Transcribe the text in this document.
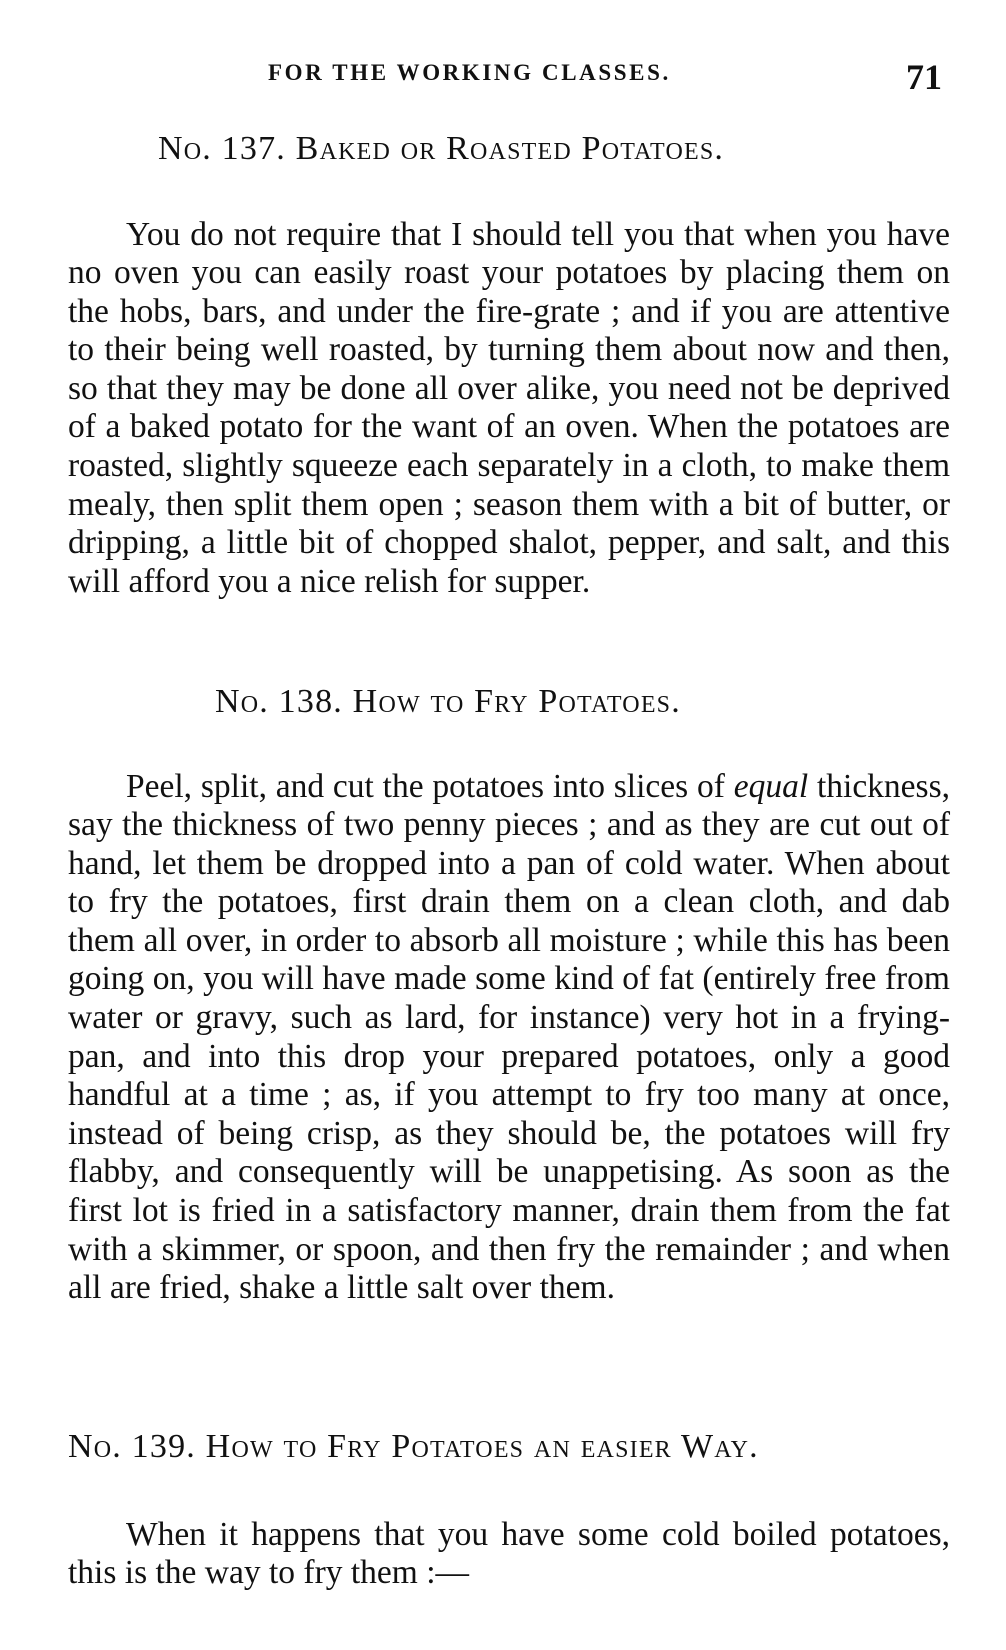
FOR THE WORKING CLASSES.	71
No. 137. Baked or Roasted Potatoes.

You do not require that I should tell you that when you have no oven you can easily roast your potatoes by placing them on the hobs, bars, and under the fire-grate ; and if you are attentive to their being well roasted, by turning them about now and then, so that they may be done all over alike, you need not be deprived of a baked potato for the want of an oven. When the potatoes are roasted, slightly squeeze each separately in a cloth, to make them mealy, then split them open ; season them with a bit of butter, or dripping, a little bit of chopped shalot, pepper, and salt, and this will afford you a nice relish for supper.

No. 138. How to Fry Potatoes.

Peel, split, and cut the potatoes into slices of equal thickness, say the thickness of two penny pieces ; and as they are cut out of hand, let them be dropped into a pan of cold water. When about to fry the potatoes, first drain them on a clean cloth, and dab them all over, in order to absorb all moisture ; while this has been going on, you will have made some kind of fat (entirely free from water or gravy, such as lard, for instance) very hot in a frying-pan, and into this drop your prepared potatoes, only a good handful at a time ; as, if you attempt to fry too many at once, instead of being crisp, as they should be, the potatoes will fry flabby, and consequently will be unappetising. As soon as the first lot is fried in a satisfactory manner, drain them from the fat with a skimmer, or spoon, and then fry the remainder ; and when all are fried, shake a little salt over them.

No. 139. How to Fry Potatoes an easier Way.

When it happens that you have some cold boiled potatoes, this is the way to fry them :—
